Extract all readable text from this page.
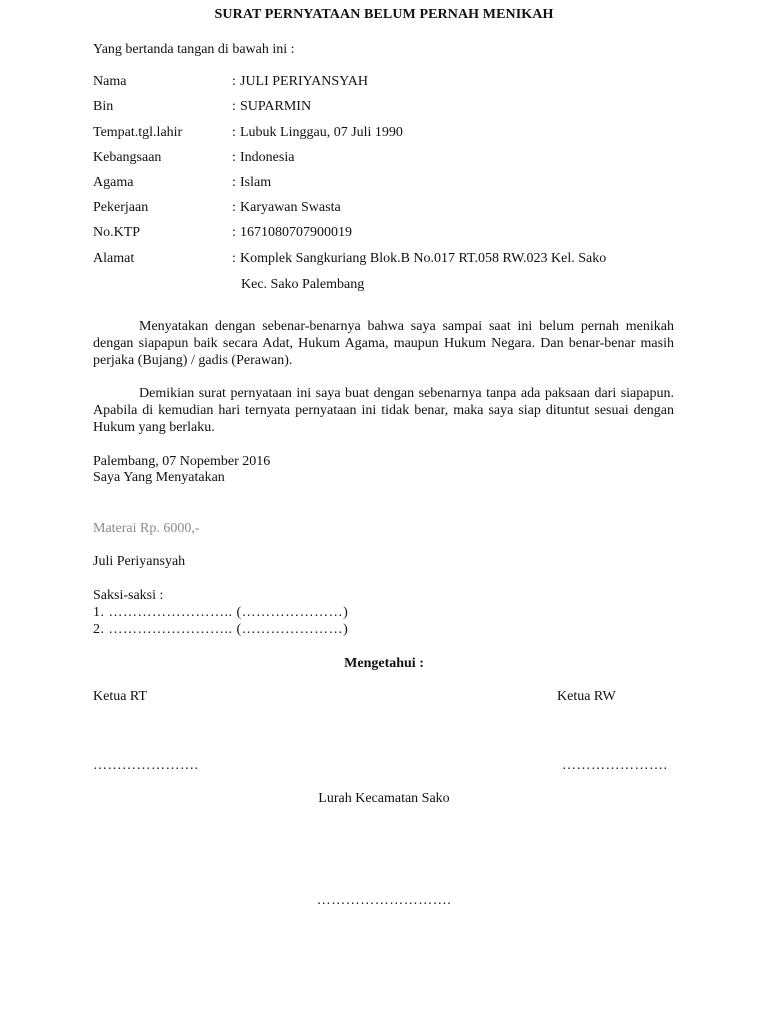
SURAT PERNYATAAN BELUM PERNAH MENIKAH
Yang bertanda tangan di bawah ini :
Nama	: JULI PERIYANSYAH
Bin	: SUPARMIN
Tempat.tgl.lahir	: Lubuk Linggau, 07 Juli 1990
Kebangsaan	: Indonesia
Agama	: Islam
Pekerjaan	: Karyawan Swasta
No.KTP	: 1671080707900019
Alamat	: Komplek Sangkuriang Blok.B No.017 RT.058 RW.023 Kel. Sako
Kec. Sako Palembang
Menyatakan dengan sebenar-benarnya bahwa saya sampai saat ini belum pernah menikah dengan siapapun baik secara Adat, Hukum Agama, maupun Hukum Negara. Dan benar-benar masih perjaka (Bujang) / gadis (Perawan).
Demikian surat pernyataan ini saya buat dengan sebenarnya tanpa ada paksaan dari siapapun. Apabila di kemudian hari ternyata pernyataan ini tidak benar, maka saya siap dituntut sesuai dengan Hukum yang berlaku.
Palembang, 07 Nopember 2016
Saya Yang Menyatakan
Materai Rp. 6000,-
Juli Periyansyah
Saksi-saksi :
1. …………………….. (…………………)
2. …………………….. (…………………)
Mengetahui :
Ketua RT	Ketua RW
………………….	………………….
Lurah Kecamatan Sako
……………………….
